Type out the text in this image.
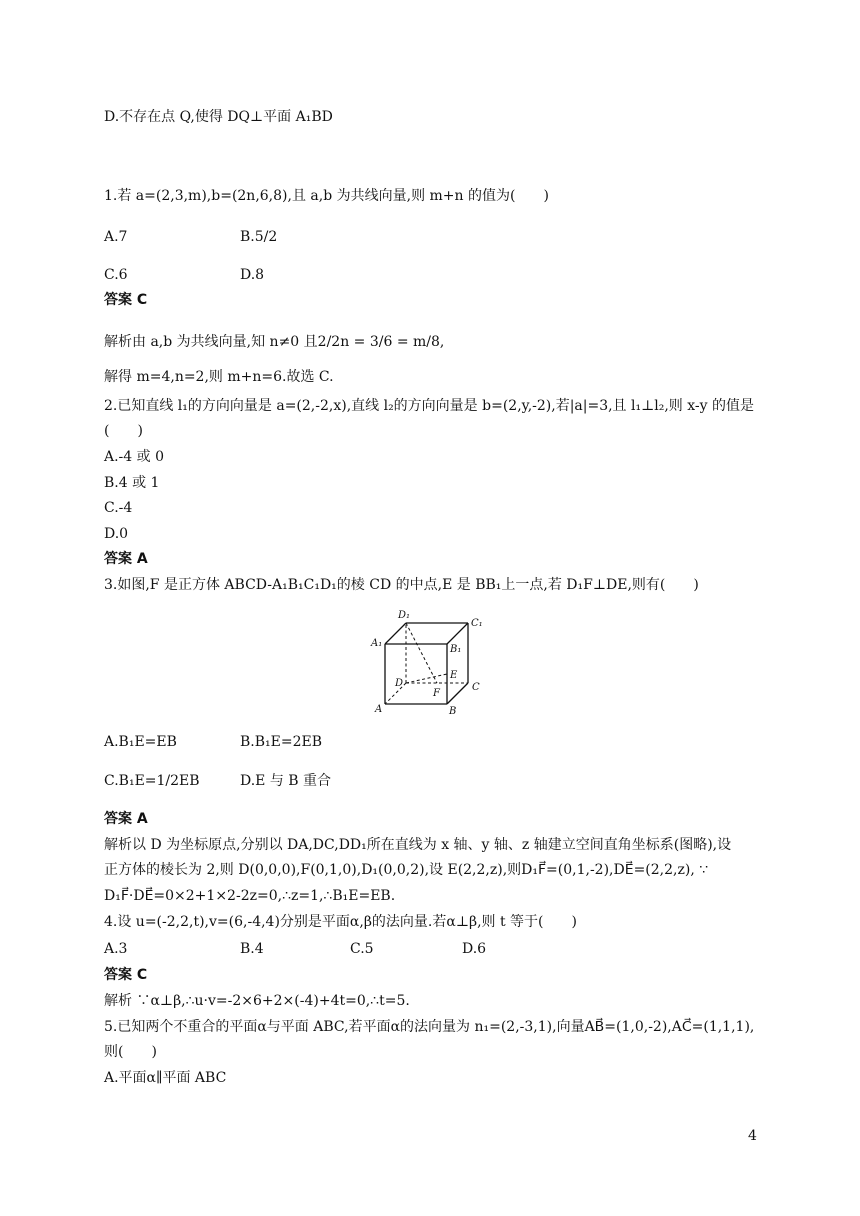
D.不存在点 Q,使得 DQ⊥平面 A₁BD
1.若 a=(2,3,m),b=(2n,6,8),且 a,b 为共线向量,则 m+n 的值为(　　)
A.7	B.5/2
C.6	D.8
答案 C
解析由 a,b 为共线向量,知 n≠0 且2/2n = 3/6 = m/8,
解得 m=4,n=2,则 m+n=6.故选 C.
2.已知直线 l₁的方向向量是 a=(2,-2,x),直线 l₂的方向向量是 b=(2,y,-2),若|a|=3,且 l₁⊥l₂,则 x-y 的值是
(　　)
A.-4 或 0
B.4 或 1
C.-4
D.0
答案 A
3.如图,F 是正方体 ABCD-A₁B₁C₁D₁的棱 CD 的中点,E 是 BB₁上一点,若 D₁F⊥DE,则有(　　)
D₁
C₁
A₁
B₁
E
D
F
C
A	B
A.B₁E=EB	B.B₁E=2EB
C.B₁E=1/2EB	D.E 与 B 重合
答案 A
解析以 D 为坐标原点,分别以 DA,DC,DD₁所在直线为 x 轴、y 轴、z 轴建立空间直角坐标系(图略),设
正方体的棱长为 2,则 D(0,0,0),F(0,1,0),D₁(0,0,2),设 E(2,2,z),则D₁F⃗=(0,1,-2),DE⃗=(2,2,z), ∵
D₁F⃗·DE⃗=0×2+1×2-2z=0,∴z=1,∴B₁E=EB.
4.设 u=(-2,2,t),v=(6,-4,4)分别是平面α,β的法向量.若α⊥β,则 t 等于(　　)
A.3	B.4	C.5	D.6
答案 C
解析 ∵α⊥β,∴u·v=-2×6+2×(-4)+4t=0,∴t=5.
5.已知两个不重合的平面α与平面 ABC,若平面α的法向量为 n₁=(2,-3,1),向量AB⃗=(1,0,-2),AC⃗=(1,1,1),
则(　　)
A.平面α∥平面 ABC
4
